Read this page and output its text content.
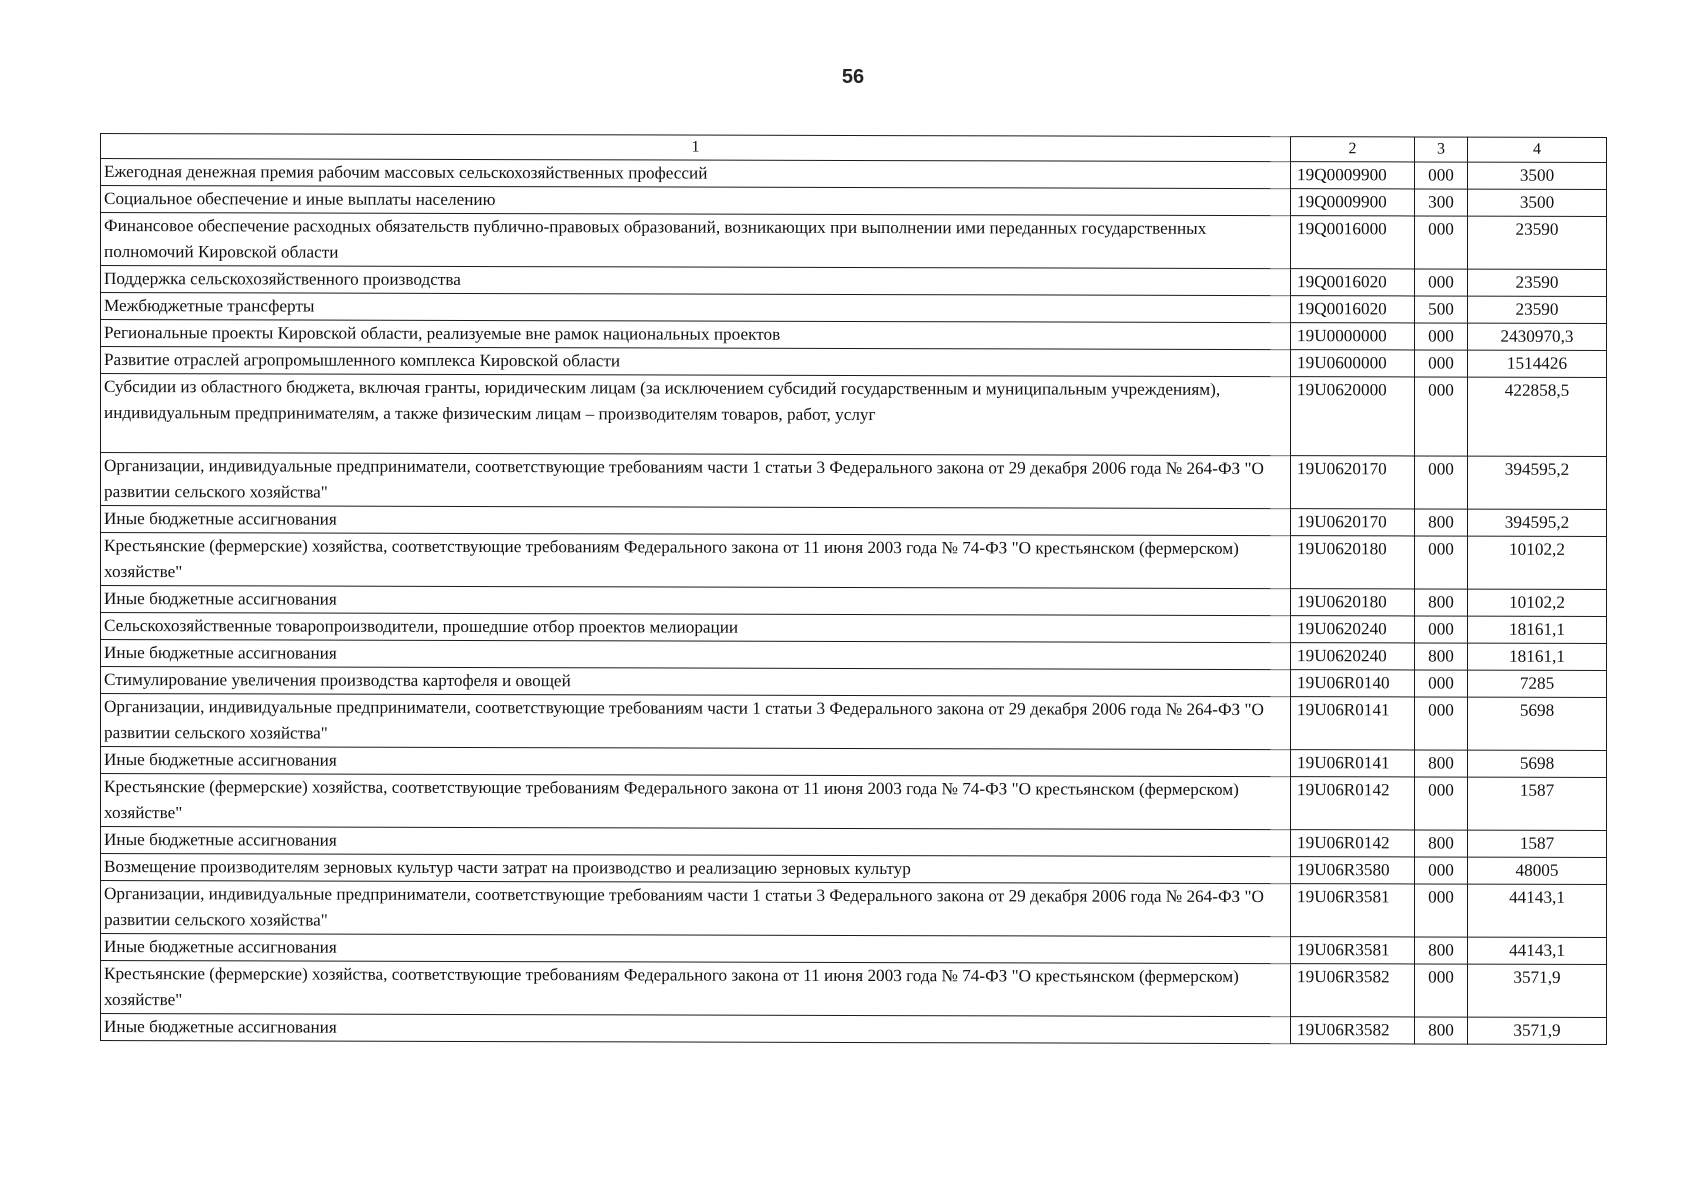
56
1	2	3	4
Ежегодная денежная премия рабочим массовых сельскохозяйственных профессий	19Q0009900	000	3500
Социальное обеспечение и иные выплаты населению	19Q0009900	300	3500
Финансовое обеспечение расходных обязательств публично-правовых образований, возникающих при выполнении ими переданных государственных полномочий Кировской области	19Q0016000	000	23590
Поддержка сельскохозяйственного производства	19Q0016020	000	23590
Межбюджетные трансферты	19Q0016020	500	23590
Региональные проекты Кировской области, реализуемые вне рамок национальных проектов	19U0000000	000	2430970,3
Развитие отраслей агропромышленного комплекса Кировской области	19U0600000	000	1514426
Субсидии из областного бюджета, включая гранты, юридическим лицам (за исключением субсидий государственным и муниципальным учреждениям), индивидуальным предпринимателям, а также физическим лицам – производителям товаров, работ, услуг	19U0620000	000	422858,5
Организации, индивидуальные предприниматели, соответствующие требованиям части 1 статьи 3 Федерального закона от 29 декабря 2006 года № 264-ФЗ "О развитии сельского хозяйства"	19U0620170	000	394595,2
Иные бюджетные ассигнования	19U0620170	800	394595,2
Крестьянские (фермерские) хозяйства, соответствующие требованиям Федерального закона от 11 июня 2003 года № 74-ФЗ "О крестьянском (фермерском) хозяйстве"	19U0620180	000	10102,2
Иные бюджетные ассигнования	19U0620180	800	10102,2
Сельскохозяйственные товаропроизводители, прошедшие отбор проектов мелиорации	19U0620240	000	18161,1
Иные бюджетные ассигнования	19U0620240	800	18161,1
Стимулирование увеличения производства картофеля и овощей	19U06R0140	000	7285
Организации, индивидуальные предприниматели, соответствующие требованиям части 1 статьи 3 Федерального закона от 29 декабря 2006 года № 264-ФЗ "О развитии сельского хозяйства"	19U06R0141	000	5698
Иные бюджетные ассигнования	19U06R0141	800	5698
Крестьянские (фермерские) хозяйства, соответствующие требованиям Федерального закона от 11 июня 2003 года № 74-ФЗ "О крестьянском (фермерском) хозяйстве"	19U06R0142	000	1587
Иные бюджетные ассигнования	19U06R0142	800	1587
Возмещение производителям зерновых культур части затрат на производство и реализацию зерновых культур	19U06R3580	000	48005
Организации, индивидуальные предприниматели, соответствующие требованиям части 1 статьи 3 Федерального закона от 29 декабря 2006 года № 264-ФЗ "О развитии сельского хозяйства"	19U06R3581	000	44143,1
Иные бюджетные ассигнования	19U06R3581	800	44143,1
Крестьянские (фермерские) хозяйства, соответствующие требованиям Федерального закона от 11 июня 2003 года № 74-ФЗ "О крестьянском (фермерском) хозяйстве"	19U06R3582	000	3571,9
Иные бюджетные ассигнования	19U06R3582	800	3571,9
